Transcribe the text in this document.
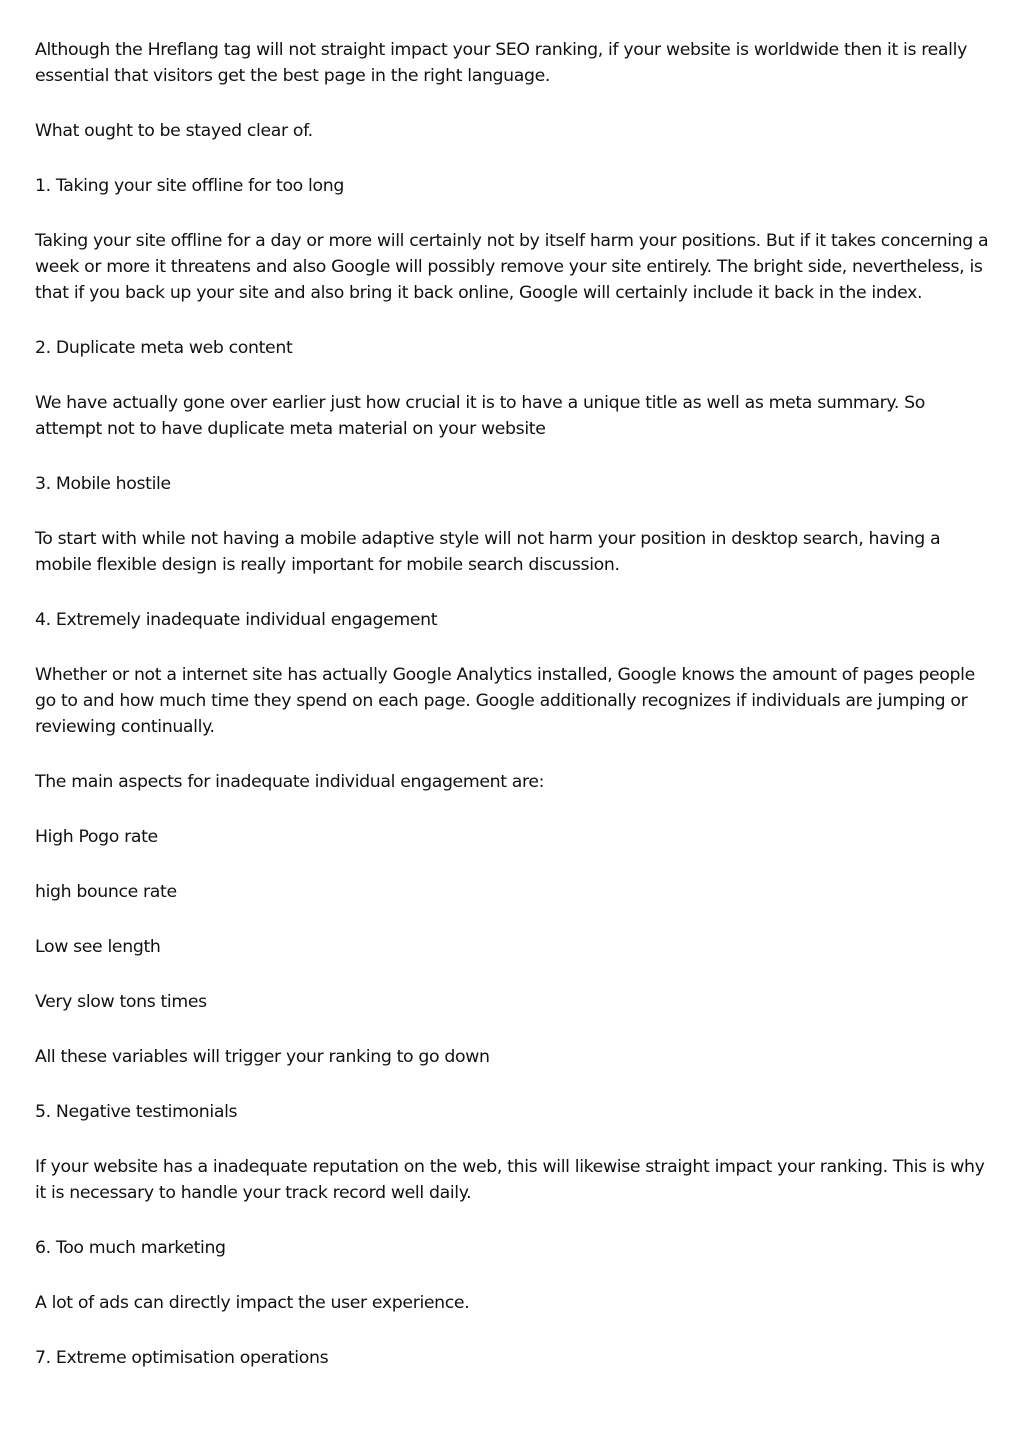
Although the Hreflang tag will not straight impact your SEO ranking, if your website is worldwide then it is really essential that visitors get the best page in the right language.

What ought to be stayed clear of.

1. Taking your site offline for too long

Taking your site offline for a day or more will certainly not by itself harm your positions. But if it takes concerning a week or more it threatens and also Google will possibly remove your site entirely. The bright side, nevertheless, is that if you back up your site and also bring it back online, Google will certainly include it back in the index.

2. Duplicate meta web content

We have actually gone over earlier just how crucial it is to have a unique title as well as meta summary. So attempt not to have duplicate meta material on your website

3. Mobile hostile

To start with while not having a mobile adaptive style will not harm your position in desktop search, having a mobile flexible design is really important for mobile search discussion.

4. Extremely inadequate individual engagement

Whether or not a internet site has actually Google Analytics installed, Google knows the amount of pages people go to and how much time they spend on each page. Google additionally recognizes if individuals are jumping or reviewing continually.

The main aspects for inadequate individual engagement are:

High Pogo rate

high bounce rate

Low see length

Very slow tons times

All these variables will trigger your ranking to go down

5. Negative testimonials

If your website has a inadequate reputation on the web, this will likewise straight impact your ranking. This is why it is necessary to handle your track record well daily.

6. Too much marketing

A lot of ads can directly impact the user experience.

7. Extreme optimisation operations
